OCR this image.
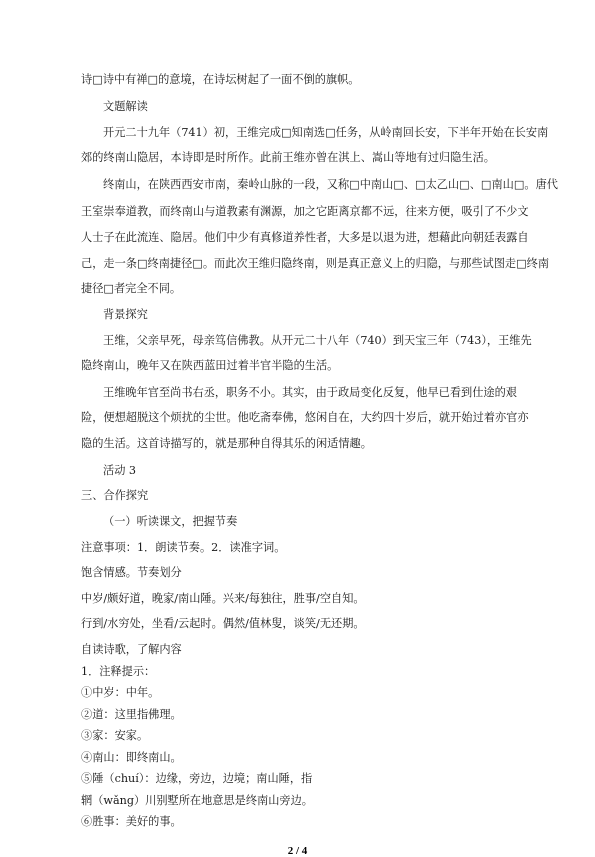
诗□诗中有禅□的意境，在诗坛树起了一面不倒的旗帜。
文题解读
开元二十九年（741）初，王维完成□知南选□任务，从岭南回长安，下半年开始在长安南
郊的终南山隐居，本诗即是时所作。此前王维亦曾在淇上、嵩山等地有过归隐生活。
终南山，在陕西西安市南，秦岭山脉的一段，又称□中南山□、□太乙山□、□南山□。唐代
王室崇奉道教，而终南山与道教素有渊源，加之它距离京都不远，往来方便，吸引了不少文
人士子在此流连、隐居。他们中少有真修道养性者，大多是以退为进，想藉此向朝廷表露自
己，走一条□终南捷径□。而此次王维归隐终南，则是真正意义上的归隐，与那些试图走□终南
捷径□者完全不同。
背景探究
王维，父亲早死，母亲笃信佛教。从开元二十八年（740）到天宝三年（743），王维先
隐终南山，晚年又在陕西蓝田过着半官半隐的生活。
王维晚年官至尚书右丞，职务不小。其实，由于政局变化反复，他早已看到仕途的艰
险，便想超脱这个烦扰的尘世。他吃斋奉佛，悠闲自在，大约四十岁后，就开始过着亦官亦
隐的生活。这首诗描写的，就是那种自得其乐的闲适情趣。
活动 3
三、合作探究
（一）听读课文，把握节奏
注意事项：1．朗读节奏。2．读准字词。
饱含情感。节奏划分
中岁/颇好道，晚家/南山陲。兴来/每独往，胜事/空自知。
行到/水穷处，坐看/云起时。偶然/值林叟，谈笑/无还期。
自读诗歌，了解内容
1．注释提示：
①中岁：中年。
②道：这里指佛理。
③家：安家。
④南山：即终南山。
⑤陲（chuí）：边缘，旁边，边境；南山陲，指
辋（wǎng）川别墅所在地意思是终南山旁边。
⑥胜事：美好的事。
2 / 4
